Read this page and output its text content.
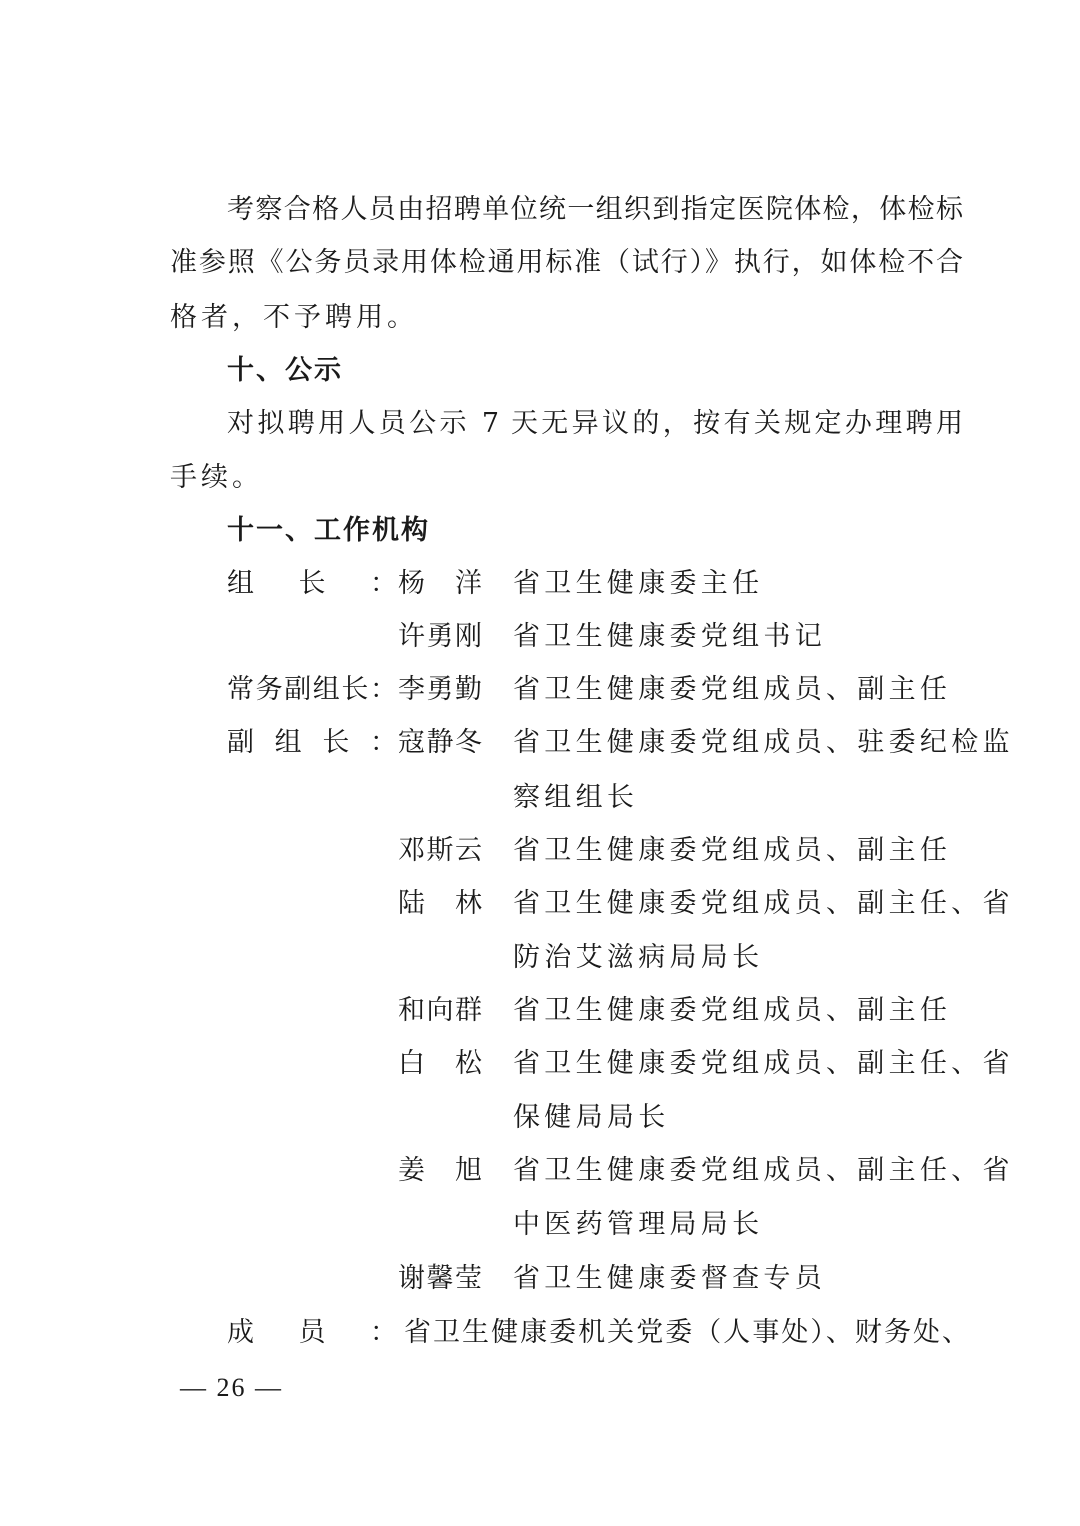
考察合格人员由招聘单位统一组织到指定医院体检，体检标
准参照《公务员录用体检通用标准（试行）》执行，如体检不合
格者，不予聘用。
十、公示
对拟聘用人员公示 7 天无异议的，按有关规定办理聘用
手续。
十一、工作机构
组长： 杨洋 省卫生健康委主任
许勇刚 省卫生健康委党组书记
常务副组长： 李勇勤 省卫生健康委党组成员、副主任
副组长： 寇静冬 省卫生健康委党组成员、驻委纪检监
察组组长
邓斯云 省卫生健康委党组成员、副主任
陆林 省卫生健康委党组成员、副主任、省
防治艾滋病局局长
和向群 省卫生健康委党组成员、副主任
白松 省卫生健康委党组成员、副主任、省
保健局局长
姜旭 省卫生健康委党组成员、副主任、省
中医药管理局局长
谢馨莹 省卫生健康委督查专员
成员： 省卫生健康委机关党委（人事处）、财务处、
— 26 —
